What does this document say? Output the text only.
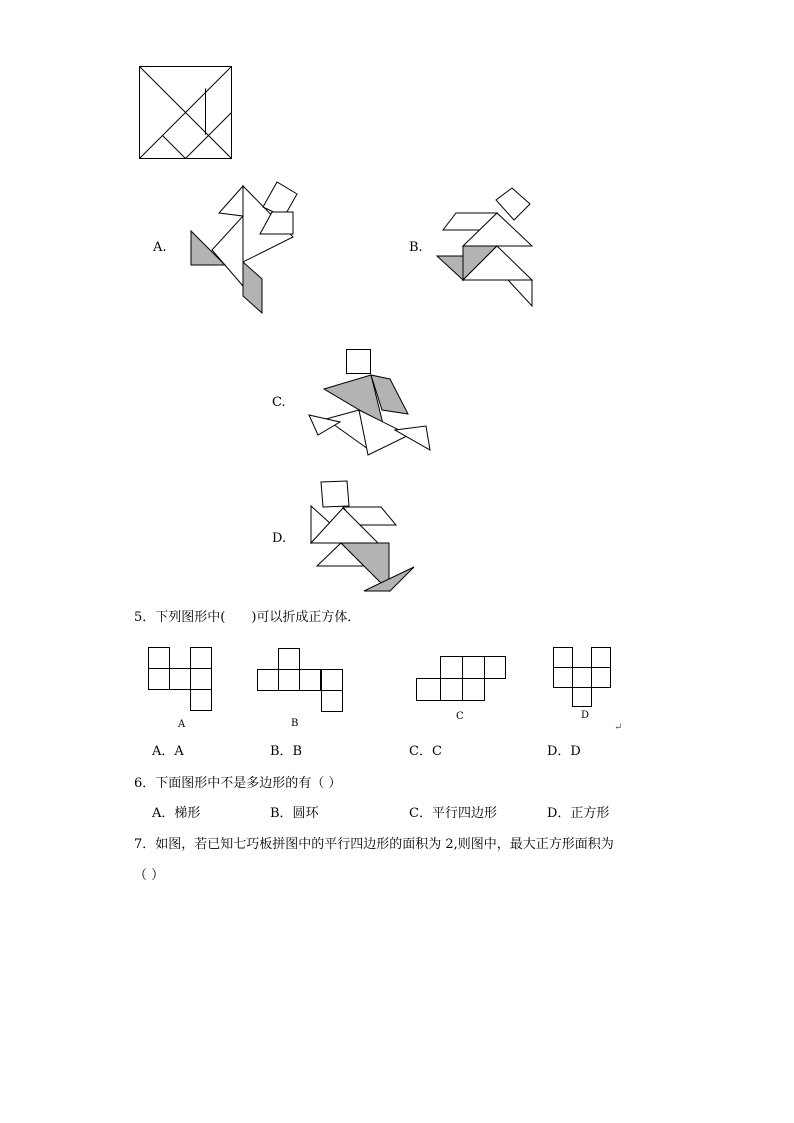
A.	B.
C.
D.
5．下列图形中(　　)可以折成正方体．
A	B
C	D
↵
A．A	B．B	C．C	D．D
6．下面图形中不是多边形的有（ ）
A．梯形	B．圆环	C．平行四边形	D．正方形
7．如图，若已知七巧板拼图中的平行四边形的面积为 2,则图中，最大正方形面积为
（ ）
